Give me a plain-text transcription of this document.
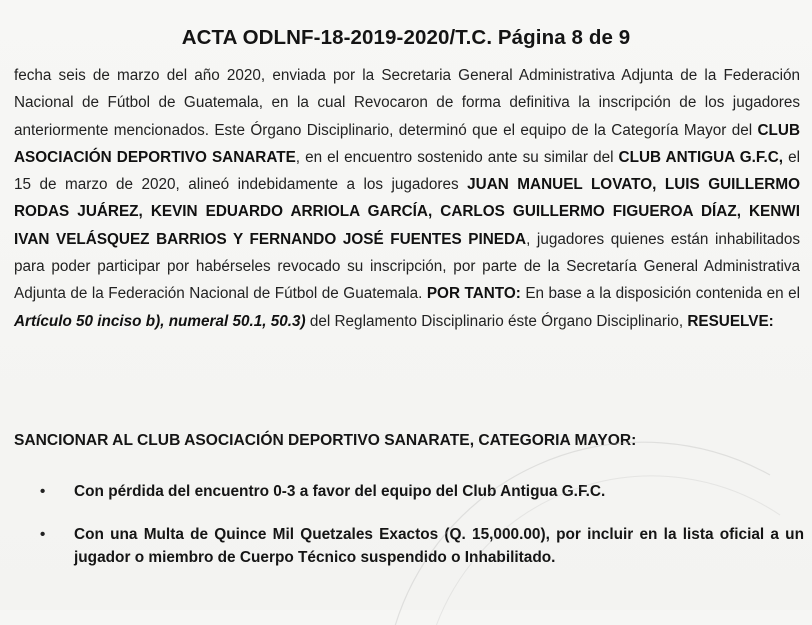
ACTA ODLNF-18-2019-2020/T.C. Página 8 de 9

fecha seis de marzo del año 2020, enviada por la Secretaria General Administrativa Adjunta de la Federación Nacional de Fútbol de Guatemala, en la cual Revocaron de forma definitiva la inscripción de los jugadores anteriormente mencionados. Este Órgano Disciplinario, determinó que el equipo de la Categoría Mayor del CLUB ASOCIACIÓN DEPORTIVO SANARATE, en el encuentro sostenido ante su similar del CLUB ANTIGUA G.F.C, el 15 de marzo de 2020, alineó indebidamente a los jugadores JUAN MANUEL LOVATO, LUIS GUILLERMO RODAS JUÁREZ, KEVIN EDUARDO ARRIOLA GARCÍA, CARLOS GUILLERMO FIGUEROA DÍAZ, KENWI IVAN VELÁSQUEZ BARRIOS Y FERNANDO JOSÉ FUENTES PINEDA, jugadores quienes están inhabilitados para poder participar por habérseles revocado su inscripción, por parte de la Secretaría General Administrativa Adjunta de la Federación Nacional de Fútbol de Guatemala. POR TANTO: En base a la disposición contenida en el Artículo 50 inciso b), numeral 50.1, 50.3) del Reglamento Disciplinario éste Órgano Disciplinario, RESUELVE:

SANCIONAR AL CLUB ASOCIACIÓN DEPORTIVO SANARATE, CATEGORIA MAYOR:
• Con pérdida del encuentro 0-3 a favor del equipo del Club Antigua G.F.C.
• Con una Multa de Quince Mil Quetzales Exactos (Q. 15,000.00), por incluir en la lista oficial a un jugador o miembro de Cuerpo Técnico suspendido o Inhabilitado.
